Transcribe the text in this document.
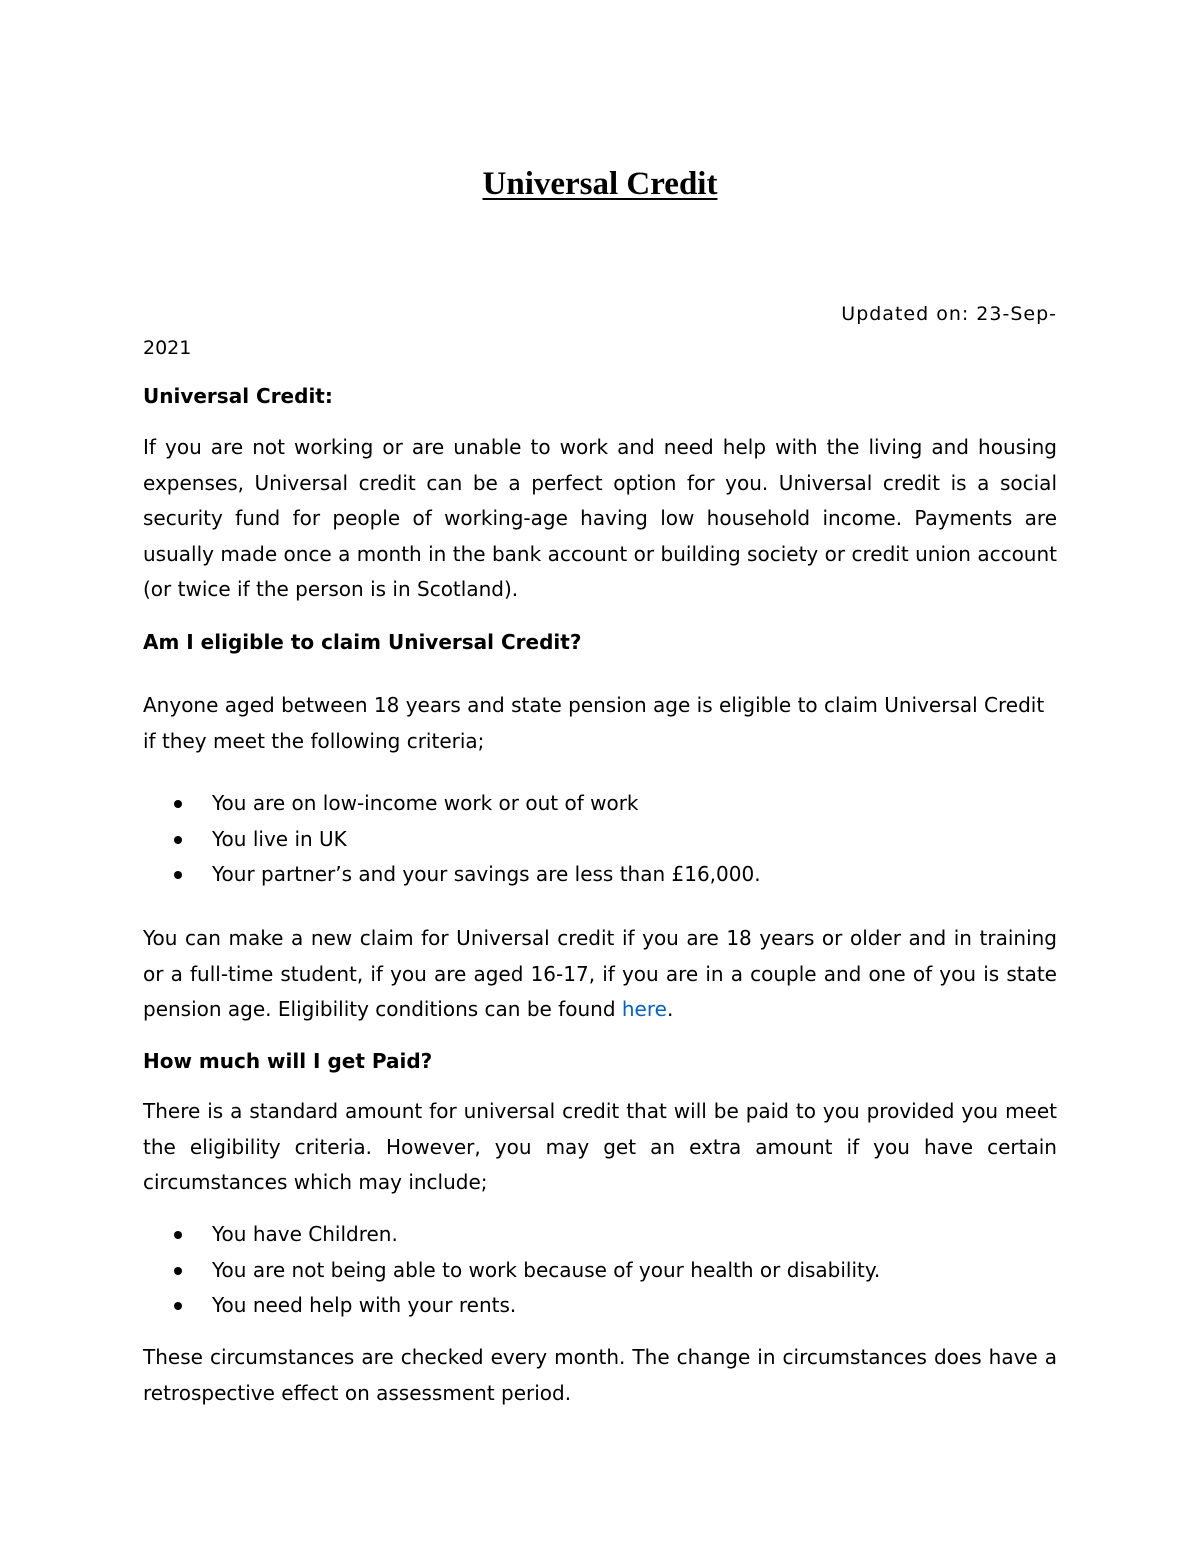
Universal Credit
Updated on: 23-Sep-
2021
Universal Credit:
If you are not working or are unable to work and need help with the living and housing expenses, Universal credit can be a perfect option for you. Universal credit is a social security fund for people of working-age having low household income. Payments are usually made once a month in the bank account or building society or credit union account (or twice if the person is in Scotland).
Am I eligible to claim Universal Credit?
Anyone aged between 18 years and state pension age is eligible to claim Universal Credit if they meet the following criteria;
You are on low-income work or out of work
You live in UK
Your partner’s and your savings are less than £16,000.
You can make a new claim for Universal credit if you are 18 years or older and in training or a full-time student, if you are aged 16-17, if you are in a couple and one of you is state pension age. Eligibility conditions can be found here.
How much will I get Paid?
There is a standard amount for universal credit that will be paid to you provided you meet the eligibility criteria. However, you may get an extra amount if you have certain circumstances which may include;
You have Children.
You are not being able to work because of your health or disability.
You need help with your rents.
These circumstances are checked every month. The change in circumstances does have a retrospective effect on assessment period.
